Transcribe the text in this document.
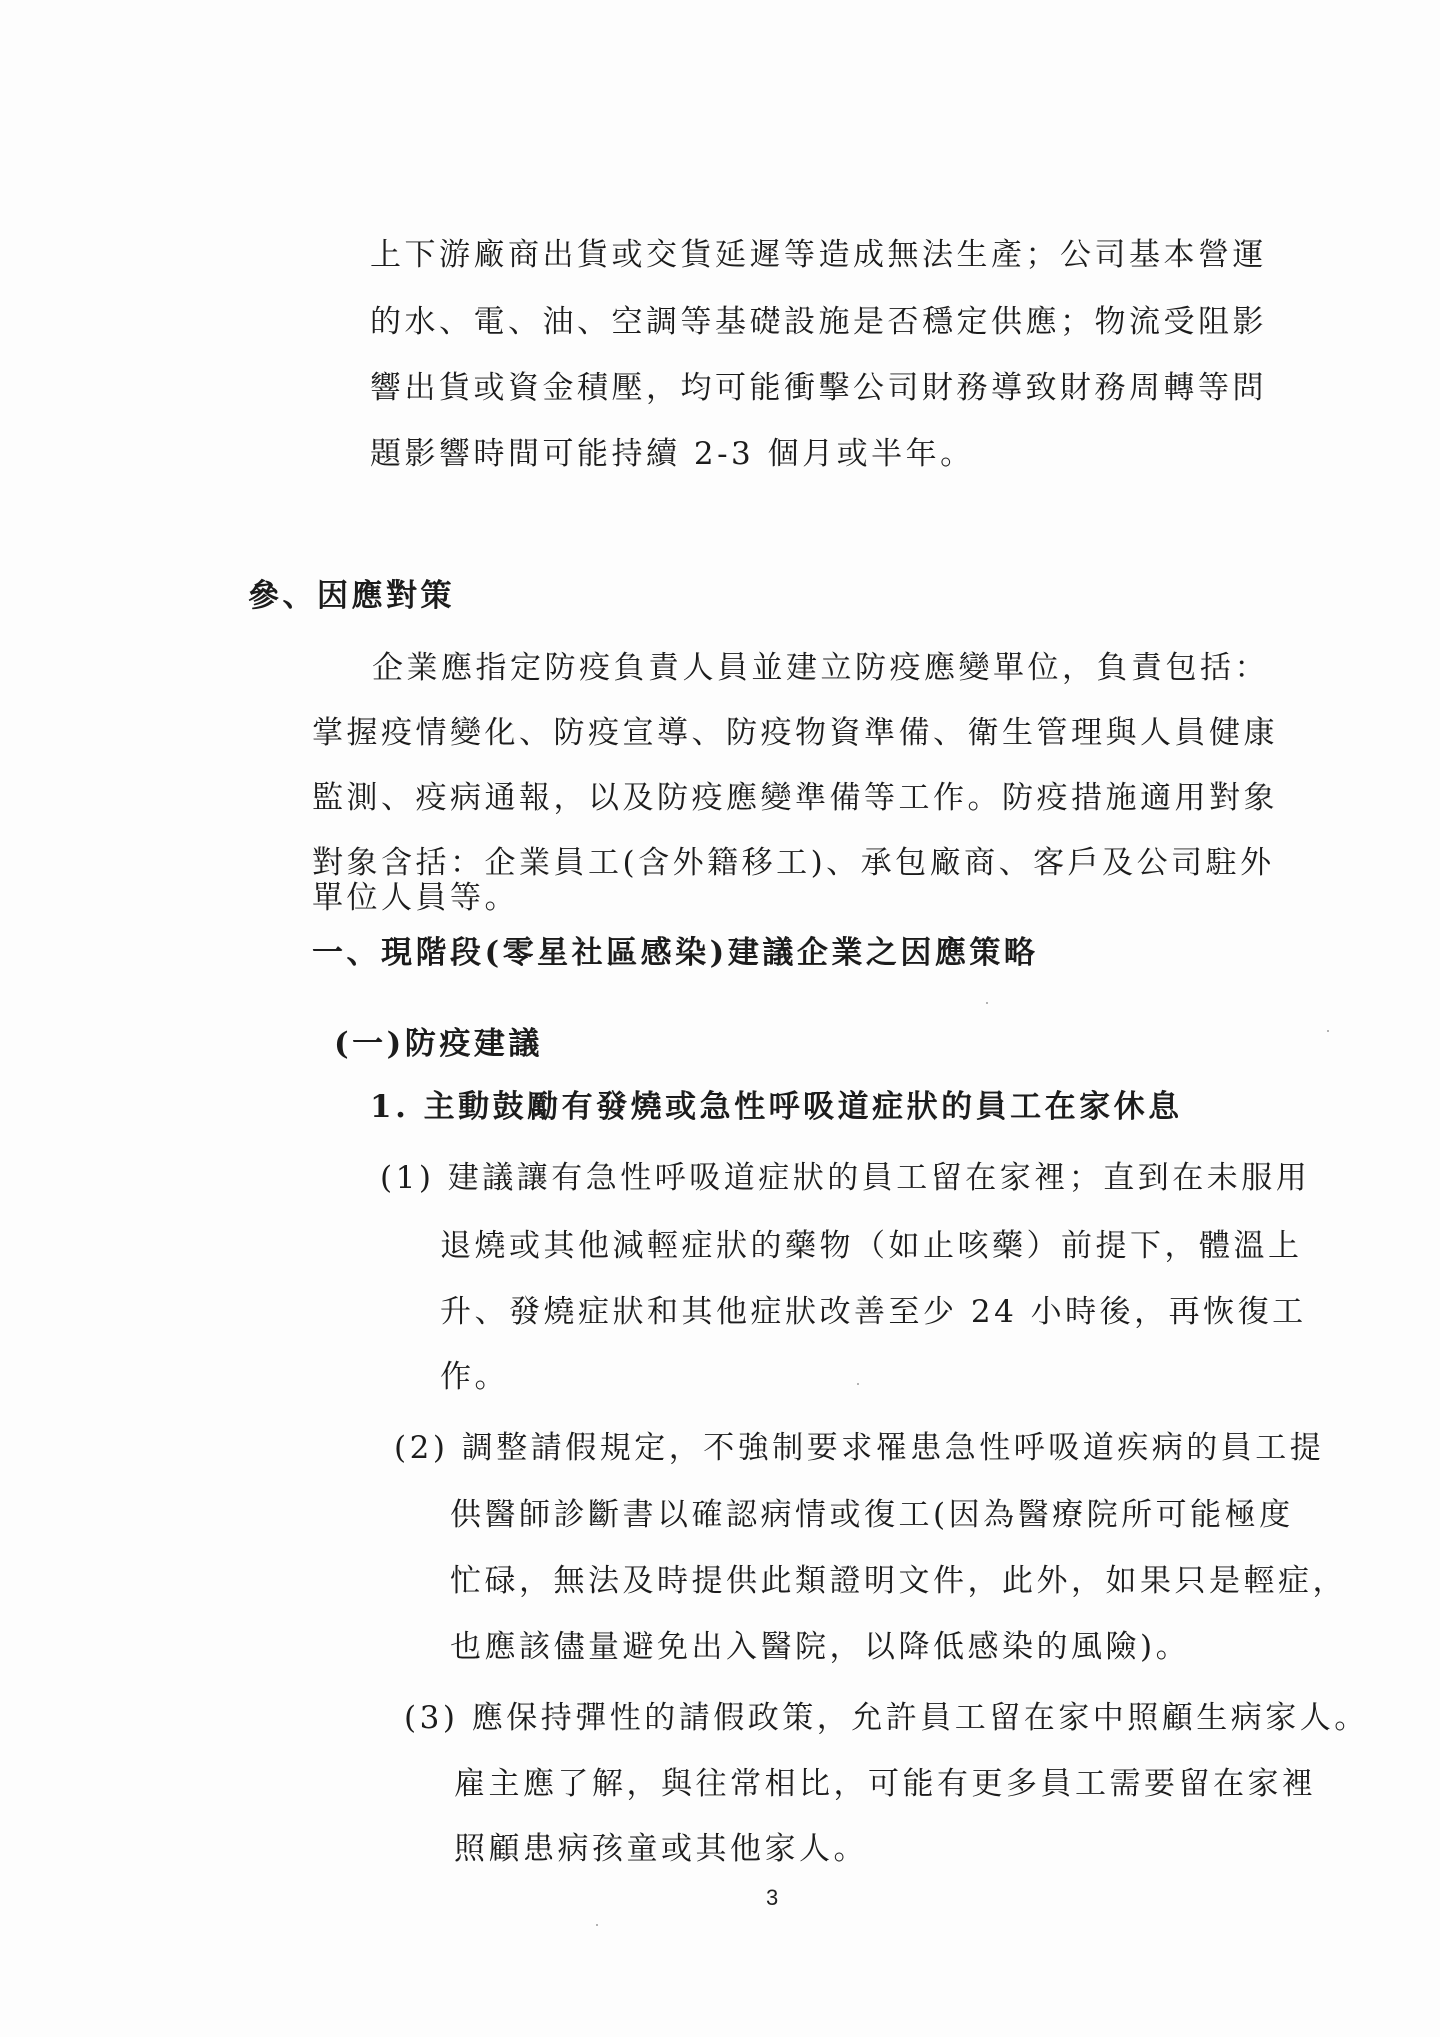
上下游廠商出貨或交貨延遲等造成無法生產；公司基本營運
的水、電、油、空調等基礎設施是否穩定供應；物流受阻影
響出貨或資金積壓，均可能衝擊公司財務導致財務周轉等問
題影響時間可能持續 2-3 個月或半年。
參、因應對策
企業應指定防疫負責人員並建立防疫應變單位，負責包括：
掌握疫情變化、防疫宣導、防疫物資準備、衛生管理與人員健康
監測、疫病通報，以及防疫應變準備等工作。防疫措施適用對象
對象含括：企業員工(含外籍移工)、承包廠商、客戶及公司駐外
單位人員等。
一、現階段(零星社區感染)建議企業之因應策略
(一)防疫建議
1. 主動鼓勵有發燒或急性呼吸道症狀的員工在家休息
(1) 建議讓有急性呼吸道症狀的員工留在家裡；直到在未服用
退燒或其他減輕症狀的藥物（如止咳藥）前提下，體溫上
升、發燒症狀和其他症狀改善至少 24 小時後，再恢復工
作。
(2) 調整請假規定，不強制要求罹患急性呼吸道疾病的員工提
供醫師診斷書以確認病情或復工(因為醫療院所可能極度
忙碌，無法及時提供此類證明文件，此外，如果只是輕症，
也應該儘量避免出入醫院，以降低感染的風險)。
(3) 應保持彈性的請假政策，允許員工留在家中照顧生病家人。
雇主應了解，與往常相比，可能有更多員工需要留在家裡
照顧患病孩童或其他家人。
3
